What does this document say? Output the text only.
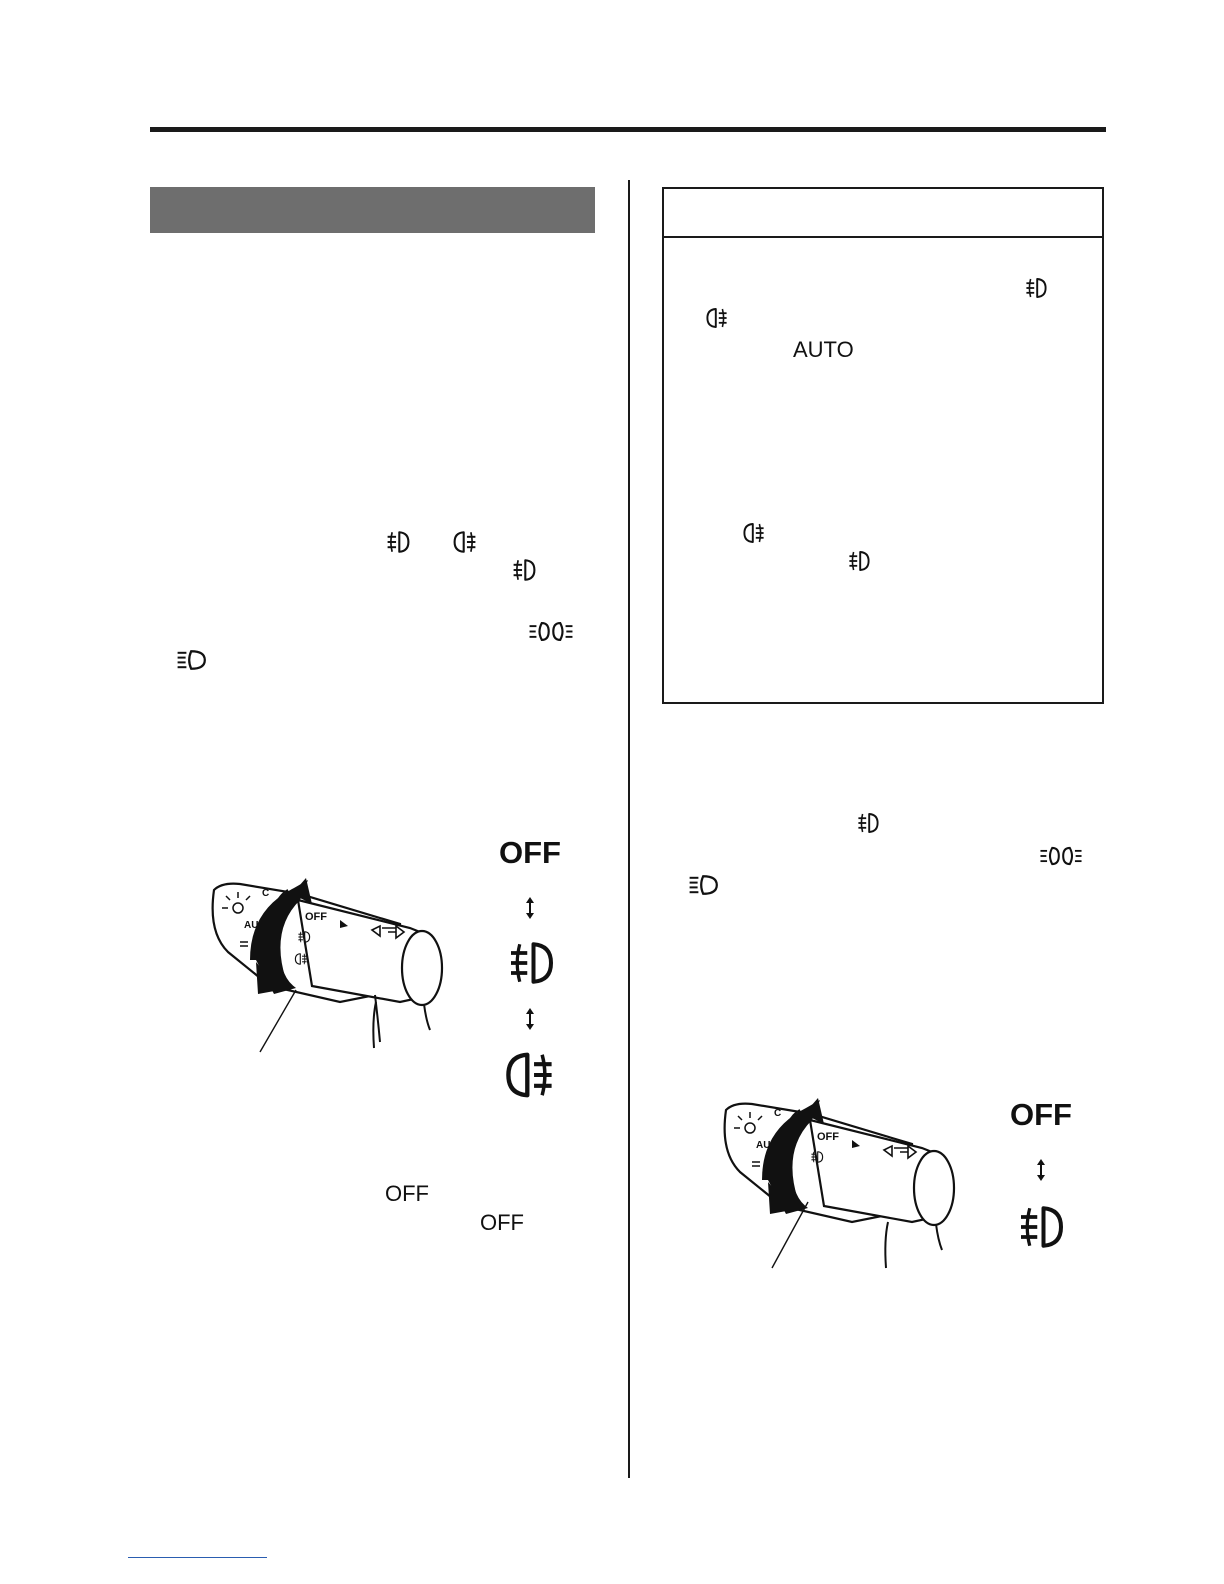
OFF
C
AU
OFF
OFF
OFF
AUTO
OFF
C
AU
OFF
